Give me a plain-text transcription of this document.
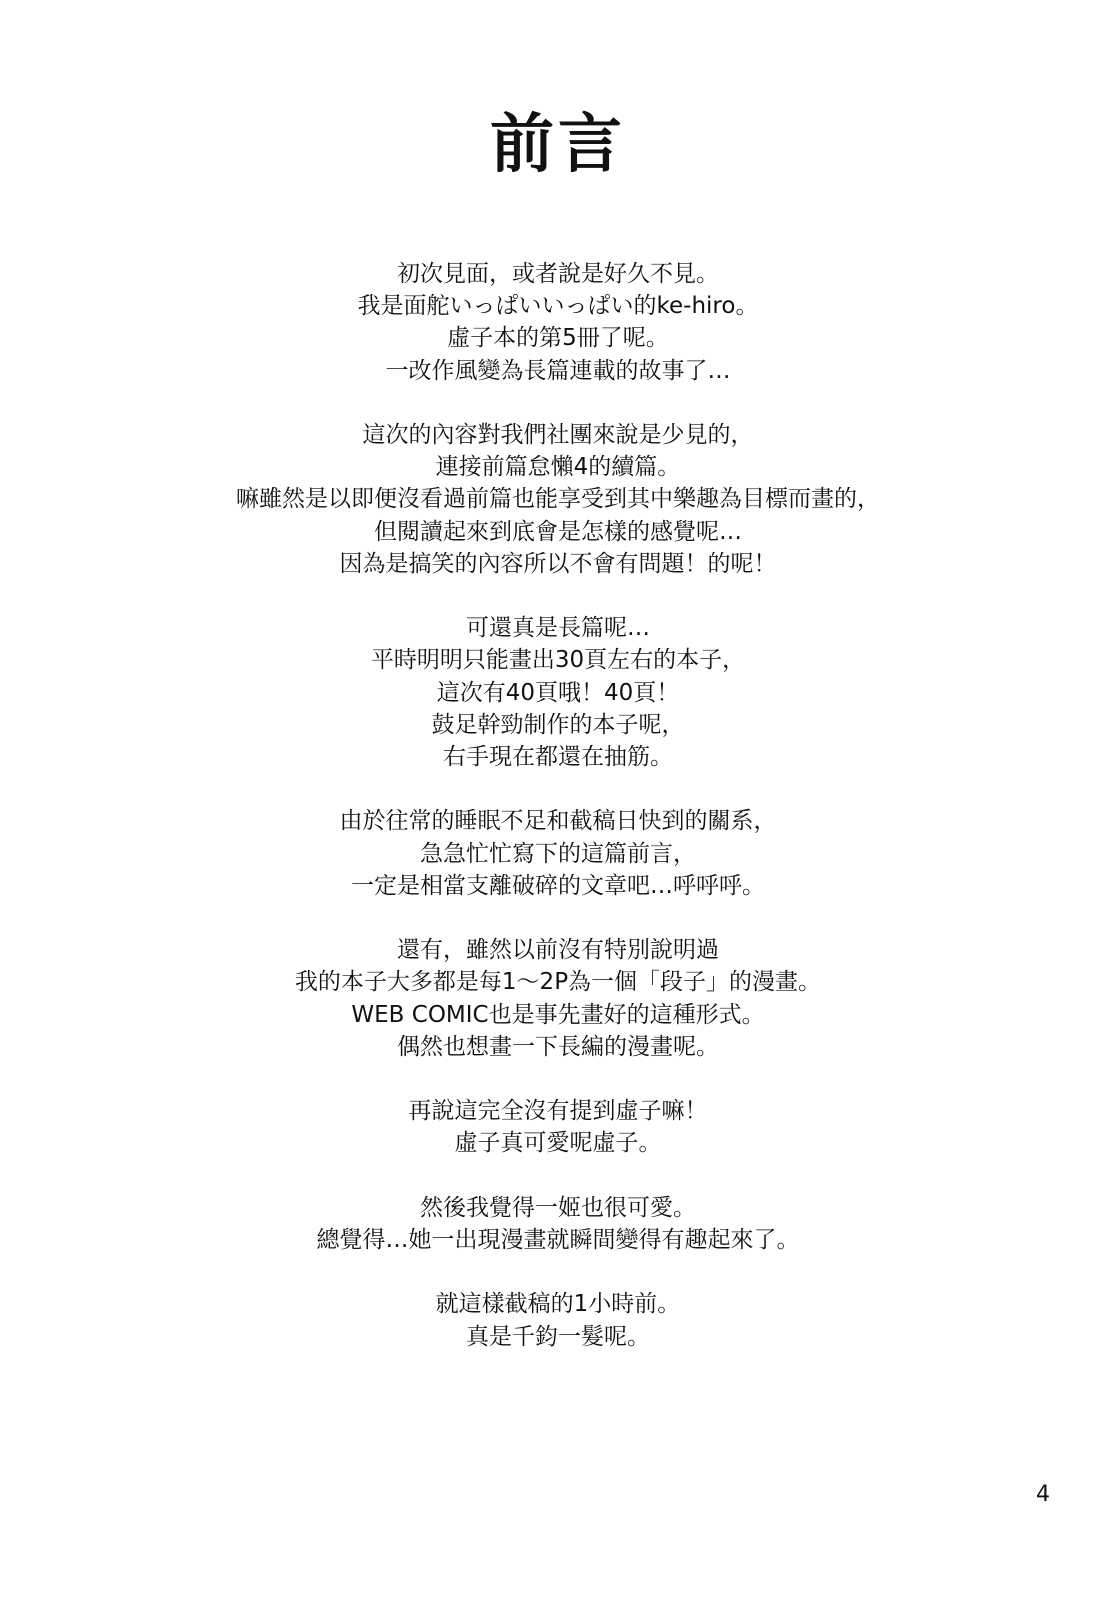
前言
初次見面，或者說是好久不見。
我是面舵いっぱいいっぱい的ke-hiro。
虛子本的第5冊了呢。
一改作風變為長篇連載的故事了…
這次的內容對我們社團來說是少見的，
連接前篇怠懶4的續篇。
嘛雖然是以即便沒看過前篇也能享受到其中樂趣為目標而畫的，
但閱讀起來到底會是怎樣的感覺呢…
因為是搞笑的內容所以不會有問題！的呢！
可還真是長篇呢…
平時明明只能畫出30頁左右的本子，
這次有40頁哦！40頁！
鼓足幹勁制作的本子呢，
右手現在都還在抽筋。
由於往常的睡眠不足和截稿日快到的關系，
急急忙忙寫下的這篇前言，
一定是相當支離破碎的文章吧…呼呼呼。
還有，雖然以前沒有特別說明過
我的本子大多都是每1～2P為一個「段子」的漫畫。
WEB COMIC也是事先畫好的這種形式。
偶然也想畫一下長編的漫畫呢。
再說這完全沒有提到虛子嘛！
虛子真可愛呢虛子。
然後我覺得一姬也很可愛。
總覺得…她一出現漫畫就瞬間變得有趣起來了。
就這樣截稿的1小時前。
真是千鈞一髮呢。
4
